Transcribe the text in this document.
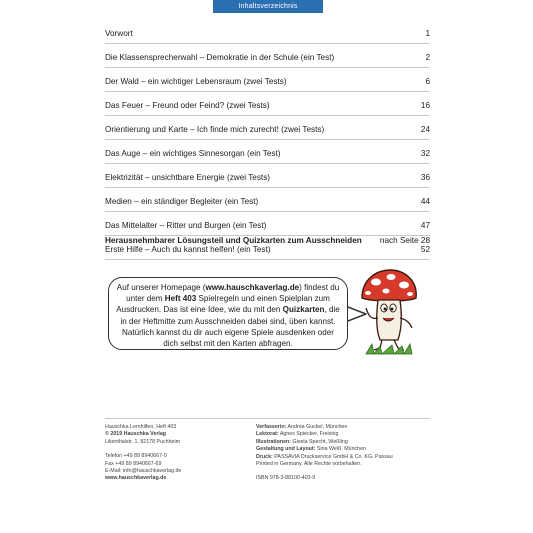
Inhaltsverzeichnis
Vorwort	1
Die Klassensprecherwahl – Demokratie in der Schule (ein Test)	2
Der Wald – ein wichtiger Lebensraum (zwei Tests)	6
Das Feuer – Freund oder Feind? (zwei Tests)	16
Orientierung und Karte – Ich finde mich zurecht! (zwei Tests)	24
Das Auge – ein wichtiges Sinnesorgan (ein Test)	32
Elektrizität – unsichtbare Energie (zwei Tests)	36
Medien – ein ständiger Begleiter (ein Test)	44
Das Mittelalter – Ritter und Burgen (ein Test)	47
Erste Hilfe – Auch du kannst helfen! (ein Test)	52
Herausnehmbarer Lösungsteil und Quizkarten zum Ausschneiden nach Seite 28

Auf unserer Homepage (www.hauschkaverlag.de) findest du unter dem Heft 403 Spielregeln und einen Spielplan zum Ausdrucken. Das ist eine Idee, wie du mit den Quizkarten, die in der Heftmitte zum Ausschneiden dabei sind, üben kannst. Natürlich kannst du dir auch eigene Spiele ausdenken oder dich selbst mit den Karten abfragen.

Hauschka Lernhilfen, Heft 403
© 2019 Hauschka Verlag
Lilienthalstr. 1, 82178 Puchheim
Telefon +49 89 8940667-0
Fax +49 89 8940667-69
E-Mail: info@hauschkaverlag.de
www.hauschkaverlag.de
Verfasserin: Andrea Guckel, München
Lektorat: Agnes Spiecker, Freising
Illustrationen: Gisela Specht, Weßling
Gestaltung und Layout: Sina Weiß, München
Druck: PASSAVIA Druckservice GmbH & Co. KG, Passau
Printed in Germany. Alle Rechte vorbehalten.
ISBN 978-3-88100-403-9
